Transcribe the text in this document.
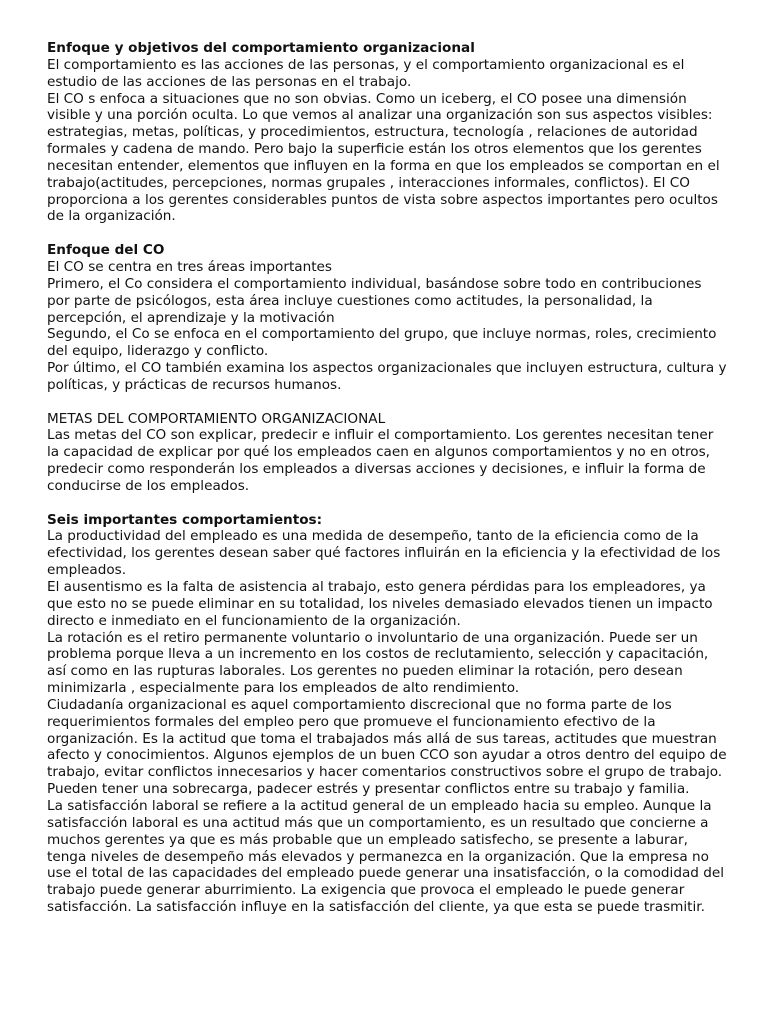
Enfoque y objetivos del comportamiento organizacional
El comportamiento es las acciones de las personas, y el comportamiento organizacional es el estudio de las acciones de las personas en el trabajo.
El CO s enfoca a situaciones que no son obvias. Como un iceberg, el CO posee una dimensión visible y una porción oculta. Lo que vemos al analizar una organización son sus aspectos visibles: estrategias, metas, políticas, y procedimientos, estructura, tecnología , relaciones de autoridad formales y cadena de mando. Pero bajo la superficie están los otros elementos que los gerentes necesitan entender, elementos que influyen en la forma en que los empleados se comportan en el trabajo(actitudes, percepciones, normas grupales , interacciones informales, conflictos). El CO proporciona a los gerentes considerables puntos de vista sobre aspectos importantes pero ocultos de la organización.
Enfoque del CO
El CO se centra en tres áreas importantes
Primero, el Co considera el comportamiento individual, basándose sobre todo en contribuciones por parte de psicólogos, esta área incluye cuestiones como actitudes, la personalidad, la percepción, el aprendizaje y la motivación
Segundo, el Co se enfoca en el comportamiento del grupo, que incluye normas, roles, crecimiento del equipo, liderazgo y conflicto.
Por último, el CO también examina los aspectos organizacionales que incluyen estructura, cultura y políticas, y prácticas de recursos humanos.
METAS DEL COMPORTAMIENTO ORGANIZACIONAL
Las metas del CO son explicar, predecir e influir el comportamiento. Los gerentes necesitan tener la capacidad de explicar por qué los empleados caen en algunos comportamientos y no en otros, predecir como responderán los empleados a diversas acciones y decisiones, e influir la forma de conducirse de los empleados.
Seis importantes comportamientos:
La productividad del empleado es una medida de desempeño, tanto de la eficiencia como de la efectividad, los gerentes desean saber qué factores influirán en la eficiencia y la efectividad de los empleados.
El ausentismo es la falta de asistencia al trabajo, esto genera pérdidas para los empleadores, ya que esto no se puede eliminar en su totalidad, los niveles demasiado elevados tienen un impacto directo e inmediato en el funcionamiento de la organización.
La rotación es el retiro permanente voluntario o involuntario de una organización. Puede ser un problema porque lleva a un incremento en los costos de reclutamiento, selección y capacitación, así como en las rupturas laborales. Los gerentes no pueden eliminar la rotación, pero desean minimizarla , especialmente para los empleados de alto rendimiento.
Ciudadanía organizacional es aquel comportamiento discrecional que no forma parte de los requerimientos formales del empleo pero que promueve el funcionamiento efectivo de la organización. Es la actitud que toma el trabajados más allá de sus tareas, actitudes que muestran afecto y conocimientos. Algunos ejemplos de un buen CCO son ayudar a otros dentro del equipo de trabajo, evitar conflictos innecesarios y hacer comentarios constructivos sobre el grupo de trabajo. Pueden tener una sobrecarga, padecer estrés y presentar conflictos entre su trabajo y familia.
La satisfacción laboral se refiere a la actitud general de un empleado hacia su empleo. Aunque la satisfacción laboral es una actitud más que un comportamiento, es un resultado que concierne a muchos gerentes ya que es más probable que un empleado satisfecho, se presente a laburar, tenga niveles de desempeño más elevados y permanezca en la organización. Que la empresa no use el total de las capacidades del empleado puede generar una insatisfacción, o la comodidad del trabajo puede generar aburrimiento. La exigencia que provoca el empleado le puede generar satisfacción. La satisfacción influye en la satisfacción del cliente, ya que esta se puede trasmitir.
